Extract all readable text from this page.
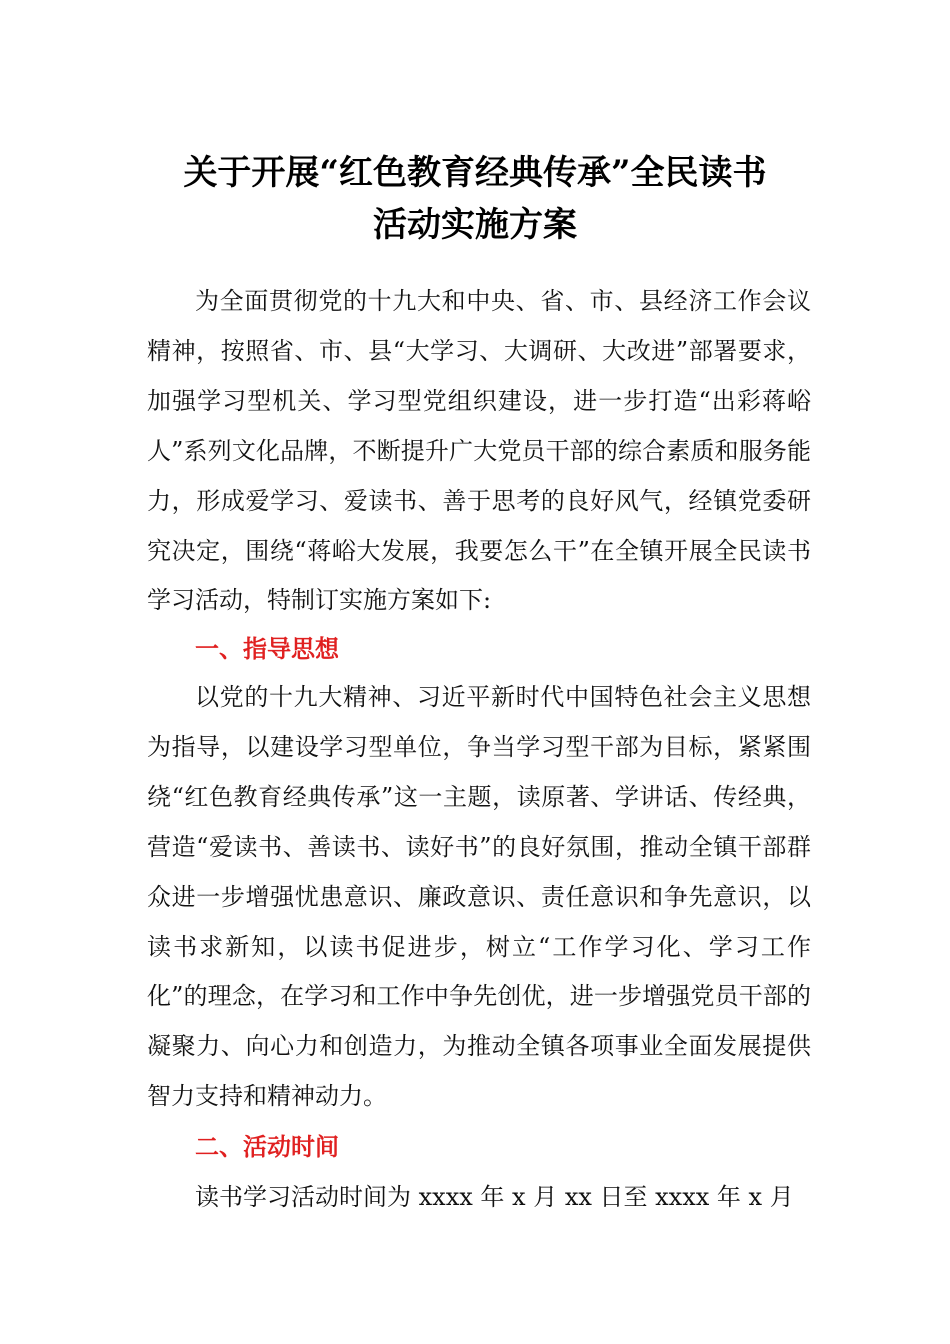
关于开展“红色教育经典传承”全民读书
活动实施方案

为全面贯彻党的十九大和中央、省、市、县经济工作会议精神，按照省、市、县“大学习、大调研、大改进”部署要求，加强学习型机关、学习型党组织建设，进一步打造“出彩蒋峪人”系列文化品牌，不断提升广大党员干部的综合素质和服务能力，形成爱学习、爱读书、善于思考的良好风气，经镇党委研究决定，围绕“蒋峪大发展，我要怎么干”在全镇开展全民读书学习活动，特制订实施方案如下:

一、指导思想

以党的十九大精神、习近平新时代中国特色社会主义思想为指导，以建设学习型单位，争当学习型干部为目标，紧紧围绕“红色教育经典传承”这一主题，读原著、学讲话、传经典，营造“爱读书、善读书、读好书”的良好氛围，推动全镇干部群众进一步增强忧患意识、廉政意识、责任意识和争先意识，以读书求新知，以读书促进步，树立“工作学习化、学习工作化”的理念，在学习和工作中争先创优，进一步增强党员干部的凝聚力、向心力和创造力，为推动全镇各项事业全面发展提供智力支持和精神动力。

二、活动时间

读书学习活动时间为 xxxx 年 x 月 xx 日至 xxxx 年 x 月
